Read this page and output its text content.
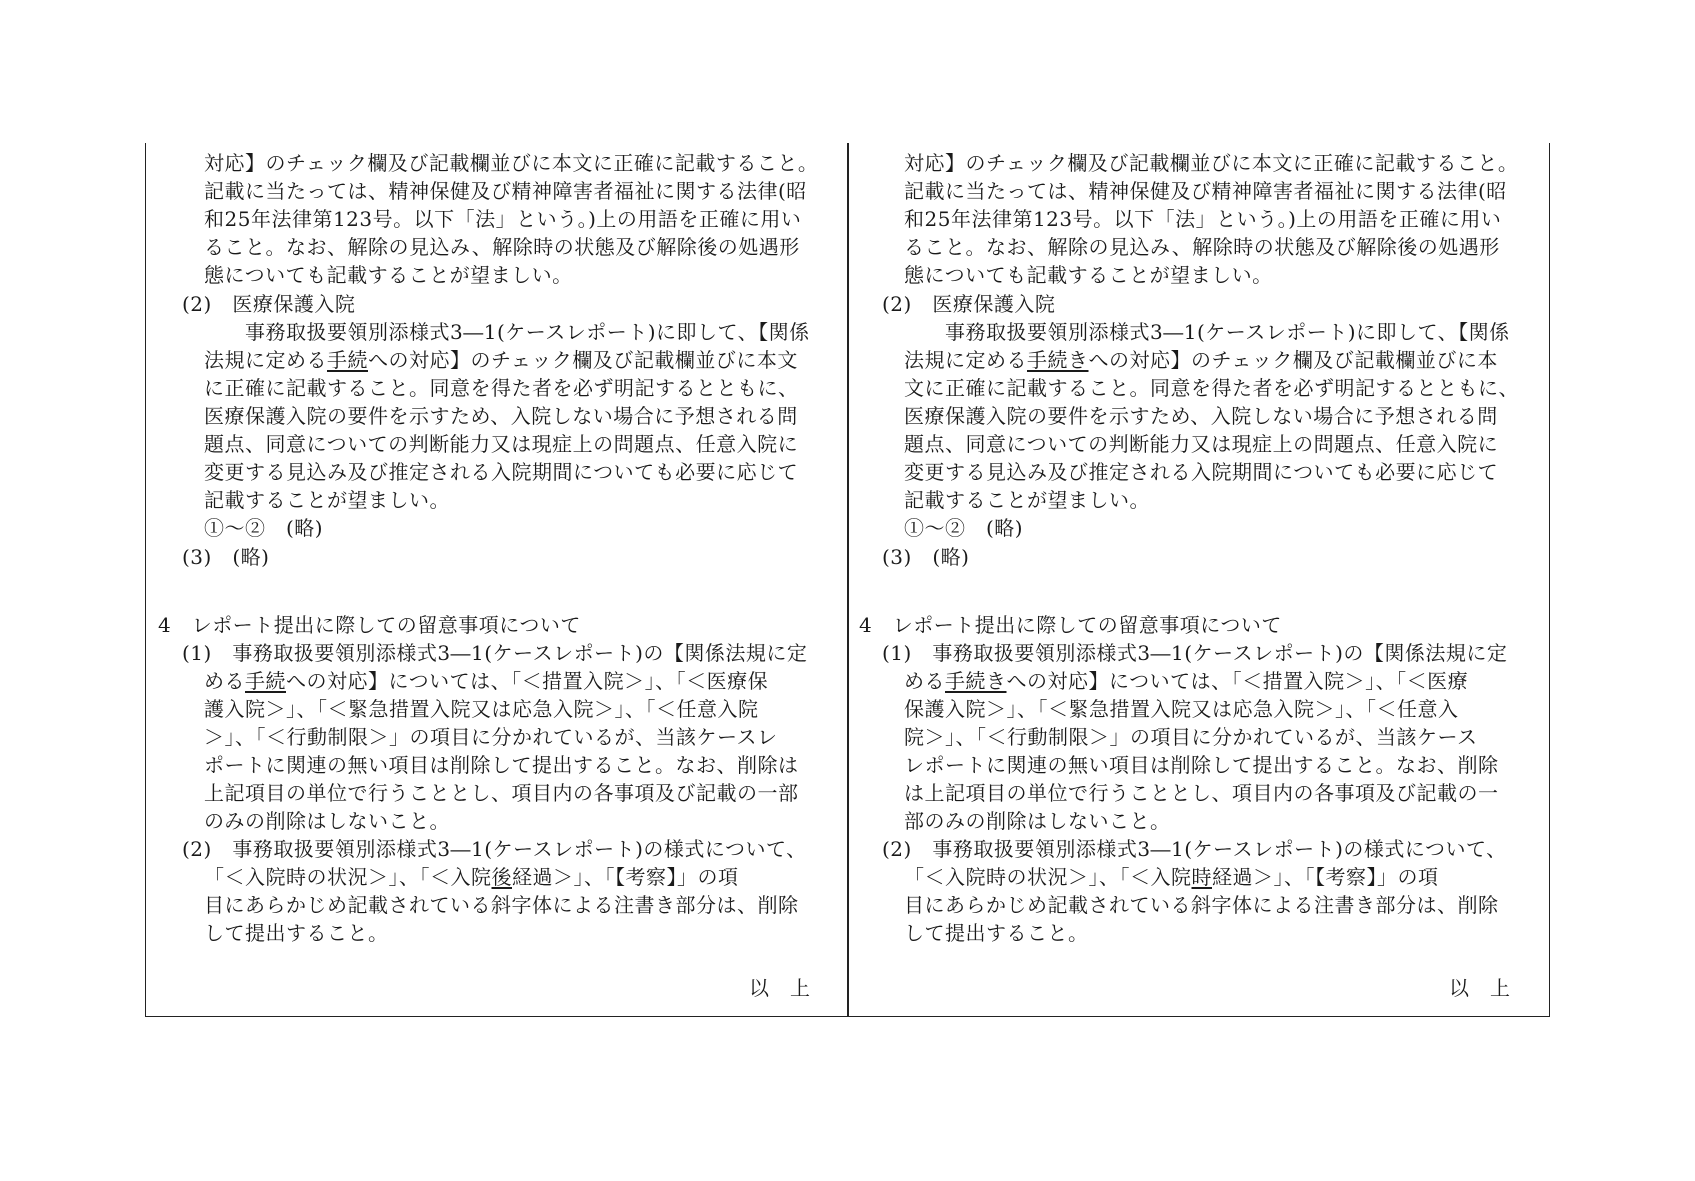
対応】のチェック欄及び記載欄並びに本文に正確に記載すること。
記載に当たっては、精神保健及び精神障害者福祉に関する法律(昭
和25年法律第123号。以下「法」という。)上の用語を正確に用い
ること。なお、解除の見込み、解除時の状態及び解除後の処遇形
態についても記載することが望ましい。
(2)　医療保護入院
　　事務取扱要領別添様式3―1(ケースレポート)に即して、【関係
法規に定める手続への対応】のチェック欄及び記載欄並びに本文
に正確に記載すること。同意を得た者を必ず明記するとともに、
医療保護入院の要件を示すため、入院しない場合に予想される問
題点、同意についての判断能力又は現症上の問題点、任意入院に
変更する見込み及び推定される入院期間についても必要に応じて
記載することが望ましい。
①～②　(略)
(3)　(略)
4　レポート提出に際しての留意事項について
(1)　事務取扱要領別添様式3―1(ケースレポート)の【関係法規に定
める手続への対応】については、「＜措置入院＞」、「＜医療保
護入院＞」、「＜緊急措置入院又は応急入院＞」、「＜任意入院
＞」、「＜行動制限＞」の項目に分かれているが、当該ケースレ
ポートに関連の無い項目は削除して提出すること。なお、削除は
上記項目の単位で行うこととし、項目内の各事項及び記載の一部
のみの削除はしないこと。
(2)　事務取扱要領別添様式3―1(ケースレポート)の様式について、
「＜入院時の状況＞」、「＜入院後経過＞」、「【考察】」の項
目にあらかじめ記載されている斜字体による注書き部分は、削除
して提出すること。
以　上
対応】のチェック欄及び記載欄並びに本文に正確に記載すること。
記載に当たっては、精神保健及び精神障害者福祉に関する法律(昭
和25年法律第123号。以下「法」という。)上の用語を正確に用い
ること。なお、解除の見込み、解除時の状態及び解除後の処遇形
態についても記載することが望ましい。
(2)　医療保護入院
　　事務取扱要領別添様式3―1(ケースレポート)に即して、【関係
法規に定める手続きへの対応】のチェック欄及び記載欄並びに本
文に正確に記載すること。同意を得た者を必ず明記するとともに、
医療保護入院の要件を示すため、入院しない場合に予想される問
題点、同意についての判断能力又は現症上の問題点、任意入院に
変更する見込み及び推定される入院期間についても必要に応じて
記載することが望ましい。
①～②　(略)
(3)　(略)
4　レポート提出に際しての留意事項について
(1)　事務取扱要領別添様式3―1(ケースレポート)の【関係法規に定
める手続きへの対応】については、「＜措置入院＞」、「＜医療
保護入院＞」、「＜緊急措置入院又は応急入院＞」、「＜任意入
院＞」、「＜行動制限＞」の項目に分かれているが、当該ケース
レポートに関連の無い項目は削除して提出すること。なお、削除
は上記項目の単位で行うこととし、項目内の各事項及び記載の一
部のみの削除はしないこと。
(2)　事務取扱要領別添様式3―1(ケースレポート)の様式について、
「＜入院時の状況＞」、「＜入院時経過＞」、「【考察】」の項
目にあらかじめ記載されている斜字体による注書き部分は、削除
して提出すること。
以　上
